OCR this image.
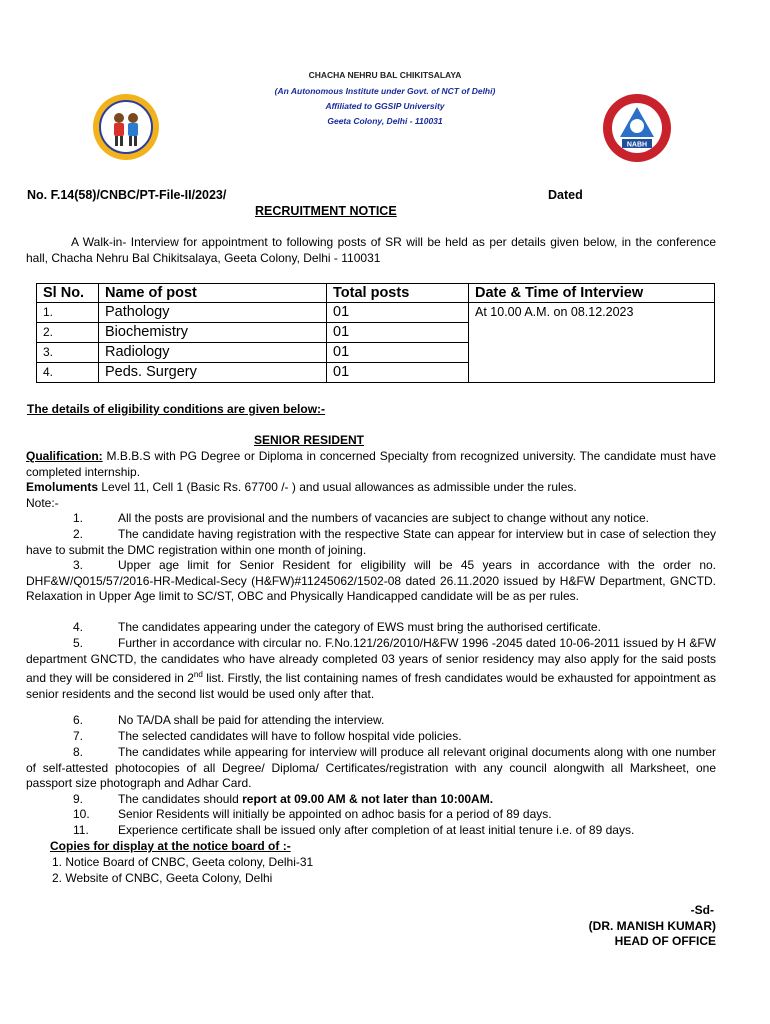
CHACHA NEHRU BAL CHIKITSALAYA
(An Autonomous Institute under Govt. of NCT of Delhi)
Affiliated to GGSIP University
Geeta Colony, Delhi - 110031
NABH
No. F.14(58)/CNBC/PT-File-II/2023/	Dated
RECRUITMENT NOTICE
A Walk-in- Interview for appointment to following posts of SR will be held as per details given below, in the conference hall, Chacha Nehru Bal Chikitsalaya, Geeta Colony, Delhi - 110031
Sl No.	Name of post	Total posts	Date & Time of Interview
1.	Pathology	01	At 10.00 A.M. on 08.12.2023
2.	Biochemistry	01	
3.	Radiology	01	
4.	Peds. Surgery	01	
The details of eligibility conditions are given below:-
SENIOR RESIDENT
Qualification: M.B.B.S with PG Degree or Diploma in concerned Specialty from recognized university. The candidate must have completed internship.
Emoluments Level 11, Cell 1 (Basic Rs. 67700 /- ) and usual allowances as admissible under the rules.
Note:-
1.	All the posts are provisional and the numbers of vacancies are subject to change without any notice.
2.	The candidate having registration with the respective State can appear for interview but in case of selection they have to submit the DMC registration within one month of joining.
3.	Upper age limit for Senior Resident for eligibility will be 45 years in accordance with the order no. DHF&W/Q015/57/2016-HR-Medical-Secy (H&FW)#11245062/1502-08 dated 26.11.2020 issued by H&FW Department, GNCTD. Relaxation in Upper Age limit to SC/ST, OBC and Physically Handicapped candidate will be as per rules.
4.	The candidates appearing under the category of EWS must bring the authorised certificate.
5.	Further in accordance with circular no. F.No.121/26/2010/H&FW 1996 -2045 dated 10-06-2011 issued by H &FW department GNCTD, the candidates who have already completed 03 years of senior residency may also apply for the said posts and they will be considered in 2nd list. Firstly, the list containing names of fresh candidates would be exhausted for appointment as senior residents and the second list would be used only after that.
6.	No TA/DA shall be paid for attending the interview.
7.	The selected candidates will have to follow hospital vide policies.
8.	The candidates while appearing for interview will produce all relevant original documents along with one number of self-attested photocopies of all Degree/ Diploma/ Certificates/registration with any council alongwith all Marksheet, one passport size photograph and Adhar Card.
9.	The candidates should report at 09.00 AM & not later than 10:00AM.
10. Senior Residents will initially be appointed on adhoc basis for a period of 89 days.
11. Experience certificate shall be issued only after completion of at least initial tenure i.e. of 89 days.
Copies for display at the notice board of :-
1. Notice Board of CNBC, Geeta colony, Delhi-31
2. Website of CNBC, Geeta Colony, Delhi
-Sd-
(DR. MANISH KUMAR)
HEAD OF OFFICE
